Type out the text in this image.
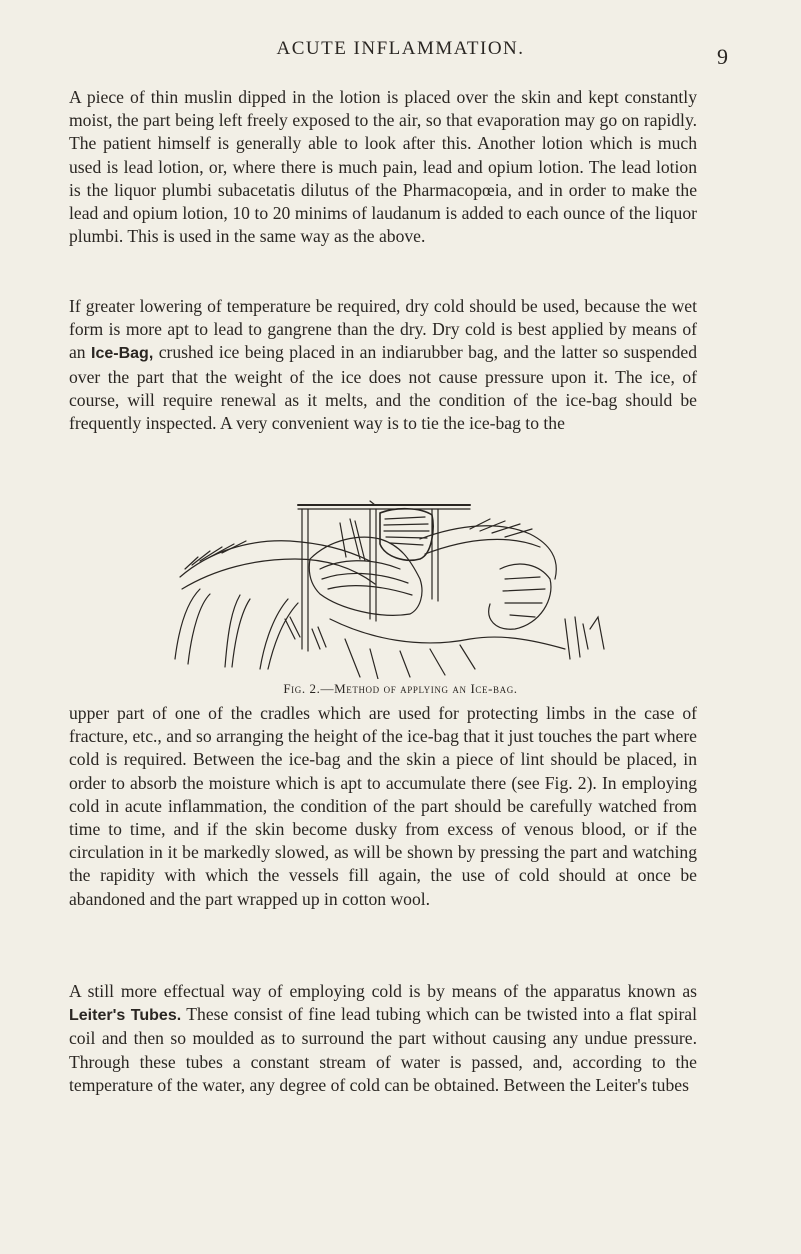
ACUTE INFLAMMATION.	9

A piece of thin muslin dipped in the lotion is placed over the skin and kept constantly moist, the part being left freely exposed to the air, so that evaporation may go on rapidly. The patient himself is generally able to look after this. Another lotion which is much used is lead lotion, or, where there is much pain, lead and opium lotion. The lead lotion is the liquor plumbi subacetatis dilutus of the Pharmacopœia, and in order to make the lead and opium lotion, 10 to 20 minims of laudanum is added to each ounce of the liquor plumbi. This is used in the same way as the above.

If greater lowering of temperature be required, dry cold should be used, because the wet form is more apt to lead to gangrene than the dry. Dry cold is best applied by means of an Ice-Bag, crushed ice being placed in an indiarubber bag, and the latter so suspended over the part that the weight of the ice does not cause pressure upon it. The ice, of course, will require renewal as it melts, and the condition of the ice-bag should be frequently inspected. A very convenient way is to tie the ice-bag to the

Fig. 2.—Method of applying an Ice-bag.

upper part of one of the cradles which are used for protecting limbs in the case of fracture, etc., and so arranging the height of the ice-bag that it just touches the part where cold is required. Between the ice-bag and the skin a piece of lint should be placed, in order to absorb the moisture which is apt to accumulate there (see Fig. 2). In employing cold in acute inflammation, the condition of the part should be carefully watched from time to time, and if the skin become dusky from excess of venous blood, or if the circulation in it be markedly slowed, as will be shown by pressing the part and watching the rapidity with which the vessels fill again, the use of cold should at once be abandoned and the part wrapped up in cotton wool.

A still more effectual way of employing cold is by means of the apparatus known as Leiter's Tubes. These consist of fine lead tubing which can be twisted into a flat spiral coil and then so moulded as to surround the part without causing any undue pressure. Through these tubes a constant stream of water is passed, and, according to the temperature of the water, any degree of cold can be obtained. Between the Leiter's tubes
